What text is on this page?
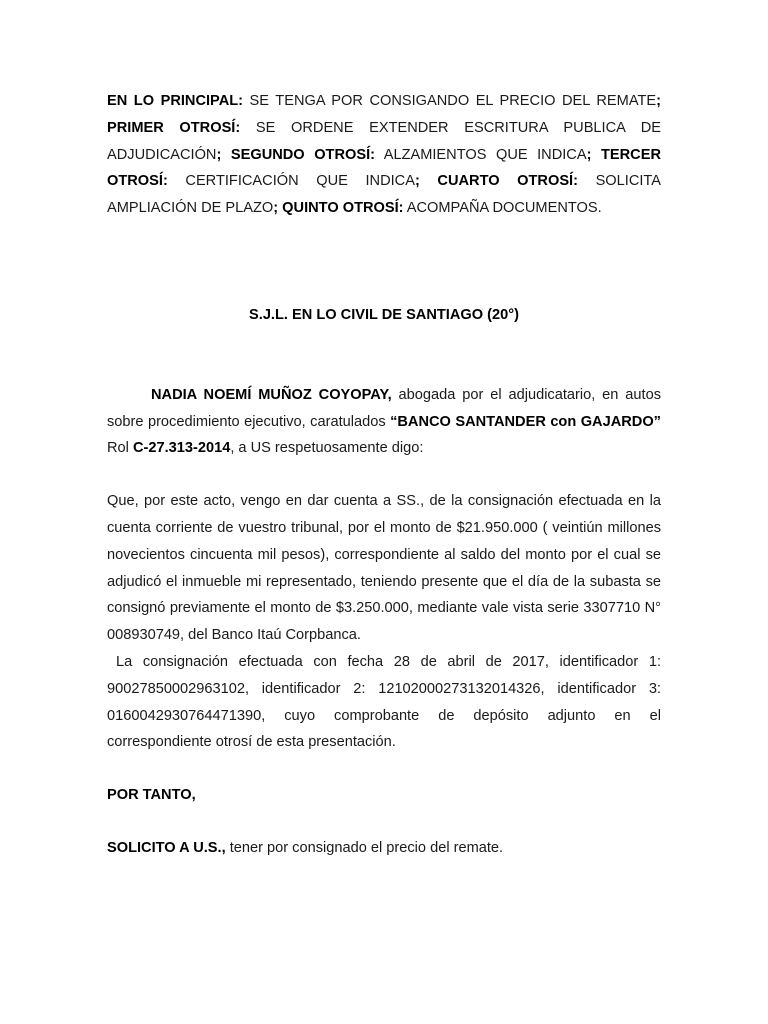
EN LO PRINCIPAL: SE TENGA POR CONSIGANDO EL PRECIO DEL REMATE; PRIMER OTROSÍ: SE ORDENE EXTENDER ESCRITURA PUBLICA DE ADJUDICACIÓN; SEGUNDO OTROSÍ: ALZAMIENTOS QUE INDICA; TERCER OTROSÍ: CERTIFICACIÓN QUE INDICA; CUARTO OTROSÍ: SOLICITA AMPLIACIÓN DE PLAZO; QUINTO OTROSÍ: ACOMPAÑA DOCUMENTOS.
S.J.L. EN LO CIVIL DE SANTIAGO (20°)
NADIA NOEMÍ MUÑOZ COYOPAY, abogada por el adjudicatario, en autos sobre procedimiento ejecutivo, caratulados “BANCO SANTANDER con GAJARDO” Rol C-27.313-2014, a US respetuosamente digo:
Que, por este acto, vengo en dar cuenta a SS., de la consignación efectuada en la cuenta corriente de vuestro tribunal, por el monto de $21.950.000 ( veintiún millones novecientos cincuenta mil pesos), correspondiente al saldo del monto por el cual se adjudicó el inmueble mi representado, teniendo presente que el día de la subasta se consignó previamente el monto de $3.250.000, mediante vale vista serie 3307710 N° 008930749, del Banco Itaú Corpbanca.
La consignación efectuada con fecha 28 de abril de 2017, identificador 1: 90027850002963102, identificador 2: 12102000273132014326, identificador 3: 0160042930764471390, cuyo comprobante de depósito adjunto en el correspondiente otrosí de esta presentación.
POR TANTO,
SOLICITO A U.S., tener por consignado el precio del remate.
